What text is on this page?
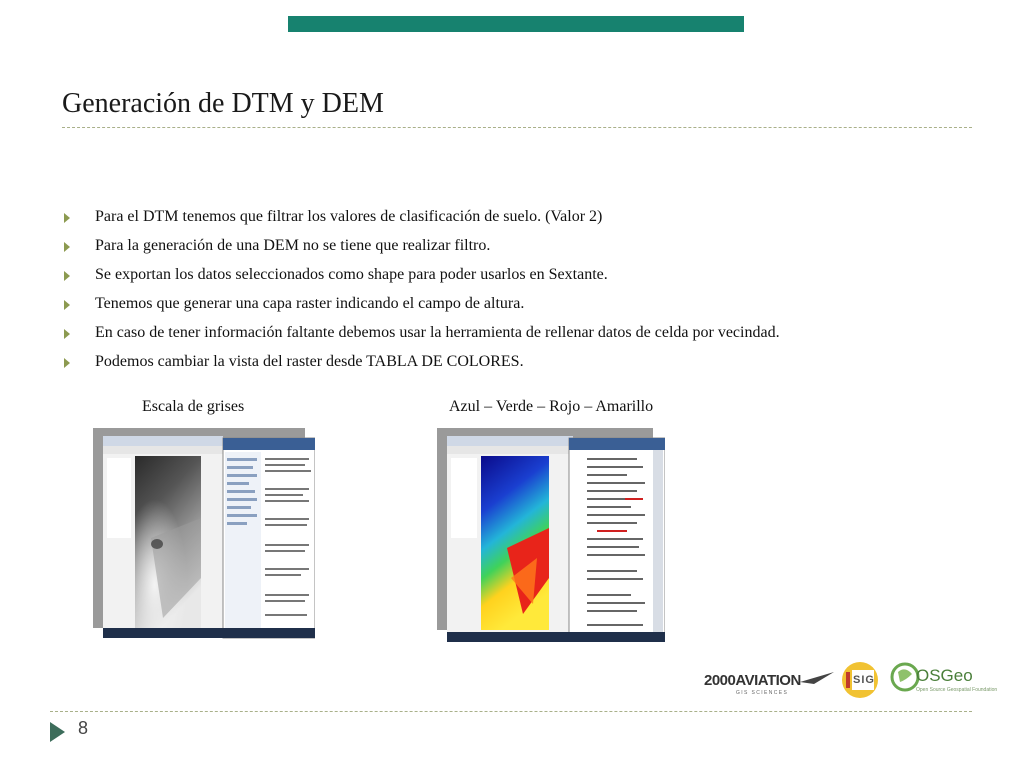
Generación de DTM y DEM
Para el DTM tenemos que filtrar los valores de clasificación de suelo. (Valor 2)
Para la generación de una DEM no se tiene que realizar filtro.
Se exportan los datos seleccionados como shape para poder usarlos en Sextante.
Tenemos que generar una capa raster indicando el campo de altura.
En caso de tener información faltante debemos usar la herramienta de rellenar datos de celda por vecindad.
Podemos cambiar la vista del raster desde TABLA DE COLORES.
Escala de grises	Azul – Verde – Rojo – Amarillo
2000AVIATION
G I S   S C I E N C E S
SIG OSGeo
Open Source Geospatial Foundation
8
